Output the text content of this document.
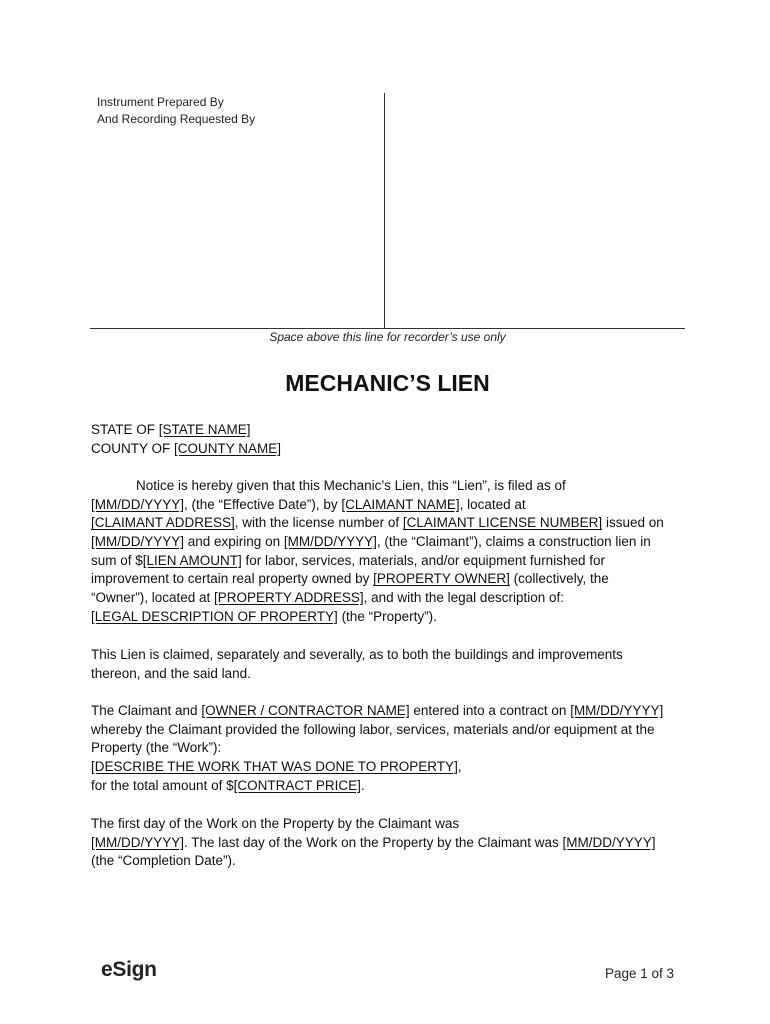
Instrument Prepared By
And Recording Requested By
Space above this line for recorder’s use only
MECHANIC’S LIEN
STATE OF [STATE NAME]
COUNTY OF [COUNTY NAME]
Notice is hereby given that this Mechanic’s Lien, this “Lien”, is filed as of
[MM/DD/YYYY], (the “Effective Date”), by [CLAIMANT NAME], located at
[CLAIMANT ADDRESS], with the license number of [CLAIMANT LICENSE NUMBER] issued on
[MM/DD/YYYY] and expiring on [MM/DD/YYYY], (the “Claimant”), claims a construction lien in
sum of $[LIEN AMOUNT] for labor, services, materials, and/or equipment furnished for
improvement to certain real property owned by [PROPERTY OWNER] (collectively, the
“Owner”), located at [PROPERTY ADDRESS], and with the legal description of:
[LEGAL DESCRIPTION OF PROPERTY] (the “Property”).
This Lien is claimed, separately and severally, as to both the buildings and improvements
thereon, and the said land.
The Claimant and [OWNER / CONTRACTOR NAME] entered into a contract on [MM/DD/YYYY]
whereby the Claimant provided the following labor, services, materials and/or equipment at the
Property (the “Work”):
[DESCRIBE THE WORK THAT WAS DONE TO PROPERTY],
for the total amount of $[CONTRACT PRICE].
The first day of the Work on the Property by the Claimant was
[MM/DD/YYYY]. The last day of the Work on the Property by the Claimant was [MM/DD/YYYY]
(the “Completion Date”).
eSign	Page 1 of 3
